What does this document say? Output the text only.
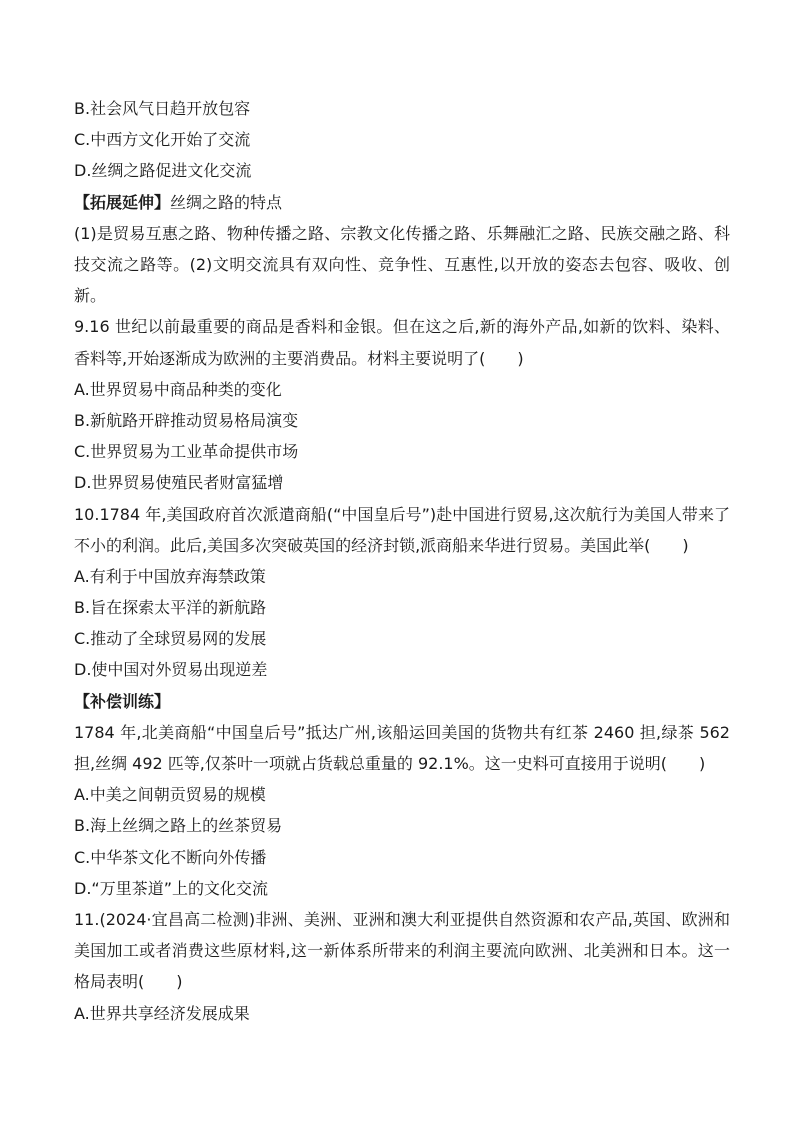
B.社会风气日趋开放包容
C.中西方文化开始了交流
D.丝绸之路促进文化交流
【拓展延伸】丝绸之路的特点
(1)是贸易互惠之路、物种传播之路、宗教文化传播之路、乐舞融汇之路、民族交融之路、科技交流之路等。(2)文明交流具有双向性、竞争性、互惠性,以开放的姿态去包容、吸收、创新。
9.16 世纪以前最重要的商品是香料和金银。但在这之后,新的海外产品,如新的饮料、染料、香料等,开始逐渐成为欧洲的主要消费品。材料主要说明了(　　)
A.世界贸易中商品种类的变化
B.新航路开辟推动贸易格局演变
C.世界贸易为工业革命提供市场
D.世界贸易使殖民者财富猛增
10.1784 年,美国政府首次派遣商船(“中国皇后号”)赴中国进行贸易,这次航行为美国人带来了不小的利润。此后,美国多次突破英国的经济封锁,派商船来华进行贸易。美国此举(　　)
A.有利于中国放弃海禁政策
B.旨在探索太平洋的新航路
C.推动了全球贸易网的发展
D.使中国对外贸易出现逆差
【补偿训练】
1784 年,北美商船“中国皇后号”抵达广州,该船运回美国的货物共有红茶 2460 担,绿茶 562担,丝绸 492 匹等,仅茶叶一项就占货载总重量的 92.1%。这一史料可直接用于说明(　　)
A.中美之间朝贡贸易的规模
B.海上丝绸之路上的丝茶贸易
C.中华茶文化不断向外传播
D.“万里茶道”上的文化交流
11.(2024·宜昌高二检测)非洲、美洲、亚洲和澳大利亚提供自然资源和农产品,英国、欧洲和美国加工或者消费这些原材料,这一新体系所带来的利润主要流向欧洲、北美洲和日本。这一格局表明(　　)
A.世界共享经济发展成果
